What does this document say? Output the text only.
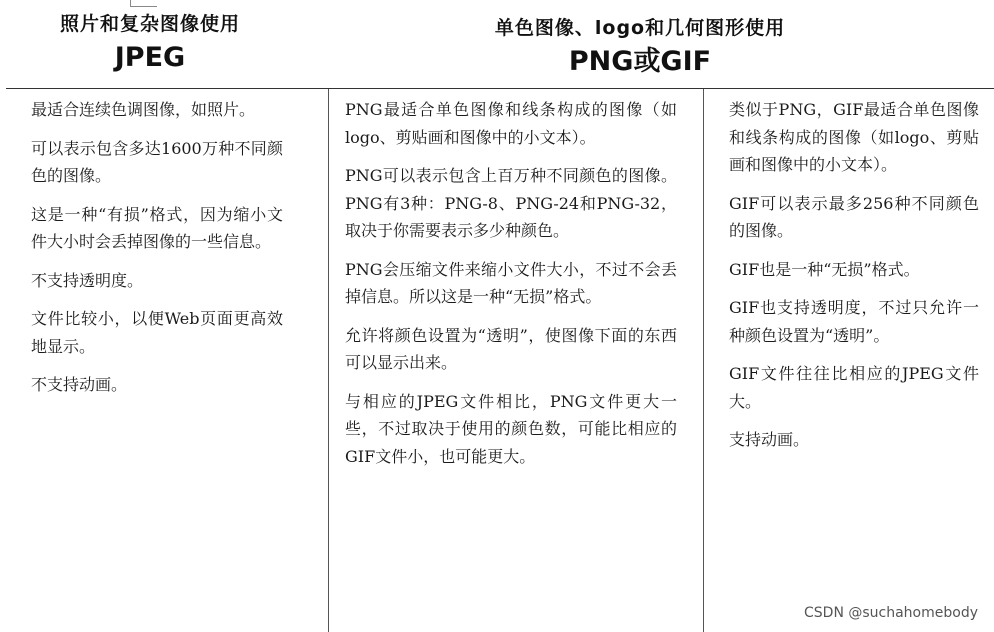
照片和复杂图像使用
JPEG
单色图像、logo和几何图形使用
PNG或GIF

最适合连续色调图像，如照片。

可以表示包含多达1600万种不同颜色的图像。

这是一种“有损”格式，因为缩小文件大小时会丢掉图像的一些信息。

不支持透明度。

文件比较小，以便Web页面更高效地显示。

不支持动画。

PNG最适合单色图像和线条构成的图像（如logo、剪贴画和图像中的小文本）。

PNG可以表示包含上百万种不同颜色的图像。PNG有3种：PNG-8、PNG-24和PNG-32，取决于你需要表示多少种颜色。

PNG会压缩文件来缩小文件大小，不过不会丢掉信息。所以这是一种“无损”格式。

允许将颜色设置为“透明”，使图像下面的东西可以显示出来。

与相应的JPEG文件相比，PNG文件更大一些，不过取决于使用的颜色数，可能比相应的GIF文件小，也可能更大。

类似于PNG，GIF最适合单色图像和线条构成的图像（如logo、剪贴画和图像中的小文本）。

GIF可以表示最多256种不同颜色的图像。

GIF也是一种“无损”格式。

GIF也支持透明度，不过只允许一种颜色设置为“透明”。

GIF文件往往比相应的JPEG文件大。

支持动画。

CSDN @suchahomebody
